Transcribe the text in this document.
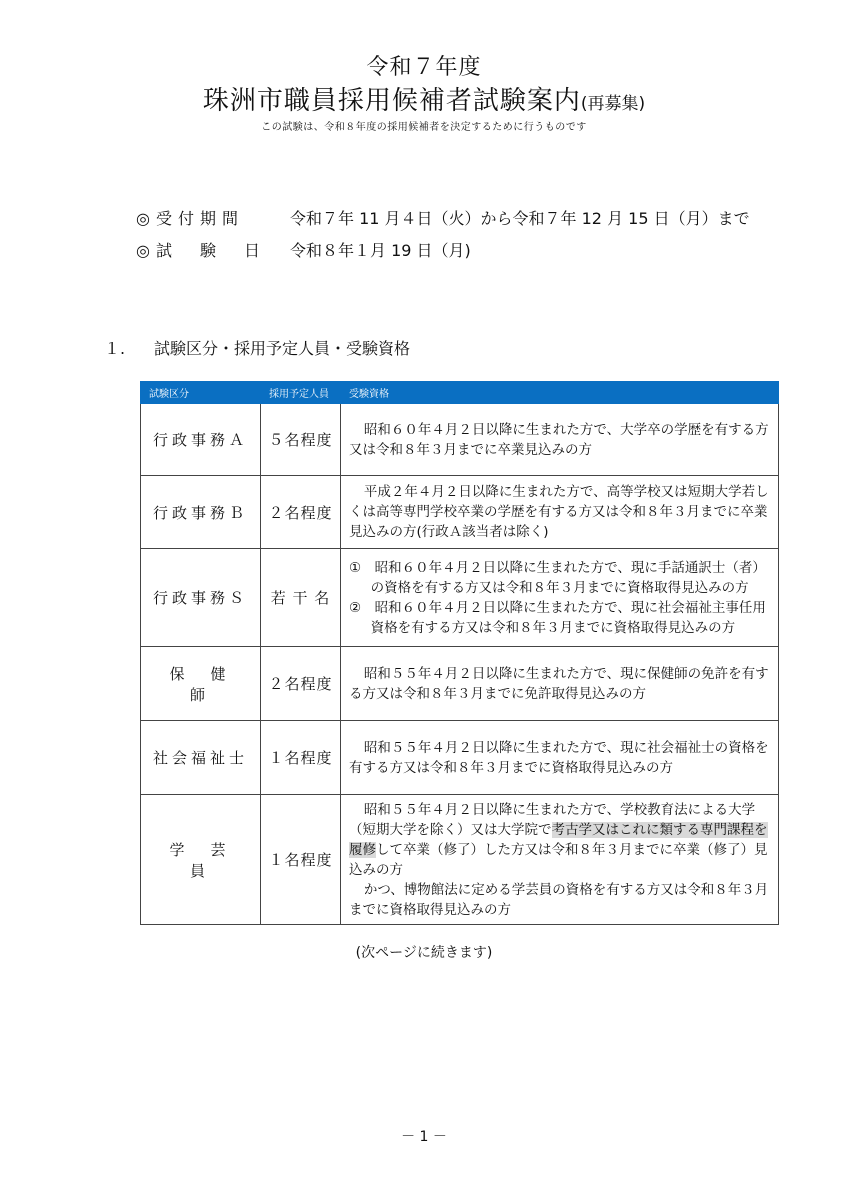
令和７年度
珠洲市職員採用候補者試験案内(再募集)
この試験は、令和８年度の採用候補者を決定するために行うものです
◎受付期間	令和７年 11 月４日（火）から令和７年 12 月 15 日（月）まで
◎試　験　日 令和８年１月 19 日（月)
１. 試験区分・採用予定人員・受験資格
試験区分	採用予定人員	受験資格
行政事務Ａ	５名程度	昭和６０年４月２日以降に生まれた方で、大学卒の学歴を有する方又は令和８年３月までに卒業見込みの方

行政事務Ｂ	２名程度	平成２年４月２日以降に生まれた方で、高等学校又は短期大学若しくは高等専門学校卒業の学歴を有する方又は令和８年３月までに卒業見込みの方(行政Ａ該当者は除く)

行政事務Ｓ	若 干 名	①　昭和６０年４月２日以降に生まれた方で、現に手話通訳士（者）の資格を有する方又は令和８年３月までに資格取得見込みの方

②　昭和６０年４月２日以降に生まれた方で、現に社会福祉主事任用資格を有する方又は令和８年３月までに資格取得見込みの方

保健師	２名程度	昭和５５年４月２日以降に生まれた方で、現に保健師の免許を有する方又は令和８年３月までに免許取得見込みの方

社会福祉士	１名程度	昭和５５年４月２日以降に生まれた方で、現に社会福祉士の資格を有する方又は令和８年３月までに資格取得見込みの方

学芸員	１名程度	昭和５５年４月２日以降に生まれた方で、学校教育法による大学（短期大学を除く）又は大学院で考古学又はこれに類する専門課程を履修して卒業（修了）した方又は令和８年３月までに卒業（修了）見込みの方

かつ、博物館法に定める学芸員の資格を有する方又は令和８年３月までに資格取得見込みの方

(次ページに続きます)
－ 1 －
